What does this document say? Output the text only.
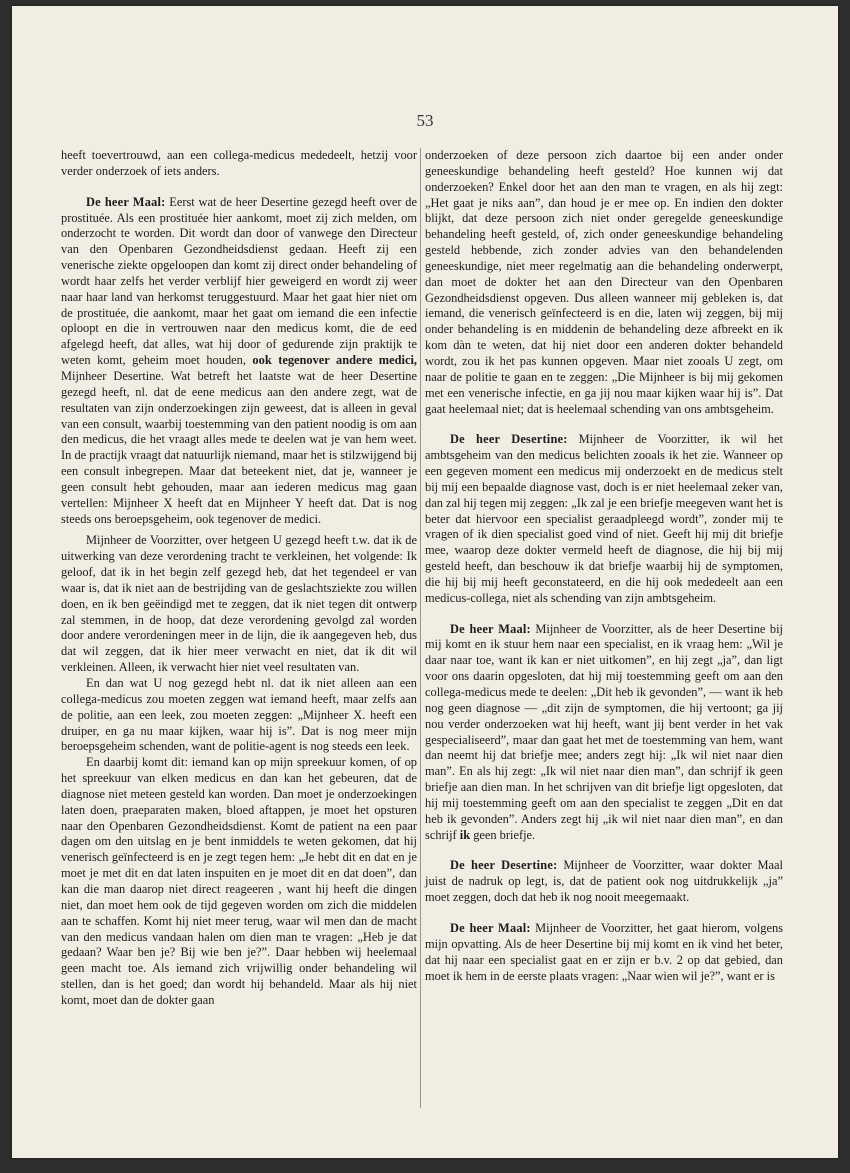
53

heeft toevertrouwd, aan een collega-medicus mededeelt, hetzij voor verder onderzoek of iets anders.

De heer Maal: Eerst wat de heer Desertine gezegd heeft over de prostituée. Als een prostituée hier aankomt, moet zij zich melden, om onderzocht te worden. Dit wordt dan door of vanwege den Directeur van den Openbaren Gezondheidsdienst gedaan. Heeft zij een venerische ziekte opgeloopen dan komt zij direct onder behandeling of wordt haar zelfs het verder verblijf hier geweigerd en wordt zij weer naar haar land van herkomst teruggestuurd. Maar het gaat hier niet om de prostituée, die aankomt, maar het gaat om iemand die een infectie oploopt en die in vertrouwen naar den medicus komt, die de eed afgelegd heeft, dat alles, wat hij door of gedurende zijn praktijk te weten komt, geheim moet houden, ook tegenover andere medici, Mijnheer Desertine. Wat betreft het laatste wat de heer Desertine gezegd heeft, nl. dat de eene medicus aan den andere zegt, wat de resultaten van zijn onderzoekingen zijn geweest, dat is alleen in geval van een consult, waarbij toestemming van den patient noodig is om aan den medicus, die het vraagt alles mede te deelen wat je van hem weet. In de practijk vraagt dat natuurlijk niemand, maar het is stilzwijgend bij een consult inbegrepen. Maar dat beteekent niet, dat je, wanneer je geen consult hebt gehouden, maar aan iederen medicus mag gaan vertellen: Mijnheer X heeft dat en Mijnheer Y heeft dat. Dat is nog steeds ons beroepsgeheim, ook tegenover de medici.

Mijnheer de Voorzitter, over hetgeen U gezegd heeft t.w. dat ik de uitwerking van deze verordening tracht te verkleinen, het volgende: Ik geloof, dat ik in het begin zelf gezegd heb, dat het tegendeel er van waar is, dat ik niet aan de bestrijding van de geslachtsziekte zou willen doen, en ik ben geëindigd met te zeggen, dat ik niet tegen dit ontwerp zal stemmen, in de hoop, dat deze verordening gevolgd zal worden door andere verordeningen meer in de lijn, die ik aangegeven heb, dus dat wil zeggen, dat ik hier meer verwacht en niet, dat ik dit wil verkleinen. Alleen, ik verwacht hier niet veel resultaten van.

En dan wat U nog gezegd hebt nl. dat ik niet alleen aan een collega-medicus zou moeten zeggen wat iemand heeft, maar zelfs aan de politie, aan een leek, zou moeten zeggen: „Mijnheer X. heeft een druiper, en ga nu maar kijken, waar hij is”. Dat is nog meer mijn beroepsgeheim schenden, want de politie-agent is nog steeds een leek.

En daarbij komt dit: iemand kan op mijn spreekuur komen, of op het spreekuur van elken medicus en dan kan het gebeuren, dat de diagnose niet meteen gesteld kan worden. Dan moet je onderzoekingen laten doen, praeparaten maken, bloed aftappen, je moet het opsturen naar den Openbaren Gezondheidsdienst. Komt de patient na een paar dagen om den uitslag en je bent inmiddels te weten gekomen, dat hij venerisch geïnfecteerd is en je zegt tegen hem: „Je hebt dit en dat en je moet je met dit en dat laten inspuiten en je moet dit en dat doen”, dan kan die man daarop niet direct reageeren , want hij heeft die dingen niet, dan moet hem ook de tijd gegeven worden om zich die middelen aan te schaffen. Komt hij niet meer terug, waar wil men dan de macht van den medicus vandaan halen om dien man te vragen: „Heb je dat gedaan? Waar ben je? Bij wie ben je?”. Daar hebben wij heelemaal geen macht toe. Als iemand zich vrijwillig onder behandeling wil stellen, dan is het goed; dan wordt hij behandeld. Maar als hij niet komt, moet dan de dokter gaan

onderzoeken of deze persoon zich daartoe bij een ander onder geneeskundige behandeling heeft gesteld? Hoe kunnen wij dat onderzoeken? Enkel door het aan den man te vragen, en als hij zegt: „Het gaat je niks aan”, dan houd je er mee op. En indien den dokter blijkt, dat deze persoon zich niet onder geregelde geneeskundige behandeling heeft gesteld, of, zich onder geneeskundige behandeling gesteld hebbende, zich zonder advies van den behandelenden geneeskundige, niet meer regelmatig aan die behandeling onderwerpt, dan moet de dokter het aan den Directeur van den Openbaren Gezondheidsdienst opgeven. Dus alleen wanneer mij gebleken is, dat iemand, die venerisch geïnfecteerd is en die, laten wij zeggen, bij mij onder behandeling is en middenin de behandeling deze afbreekt en ik kom dàn te weten, dat hij niet door een anderen dokter behandeld wordt, zou ik het pas kunnen opgeven. Maar niet zooals U zegt, om naar de politie te gaan en te zeggen: „Die Mijnheer is bij mij gekomen met een venerische infectie, en ga jij nou maar kijken waar hij is”. Dat gaat heelemaal niet; dat is heelemaal schending van ons ambtsgeheim.

De heer Desertine: Mijnheer de Voorzitter, ik wil het ambtsgeheim van den medicus belichten zooals ik het zie. Wanneer op een gegeven moment een medicus mij onderzoekt en de medicus stelt bij mij een bepaalde diagnose vast, doch is er niet heelemaal zeker van, dan zal hij tegen mij zeggen: „Ik zal je een briefje meegeven want het is beter dat hiervoor een specialist geraadpleegd wordt”, zonder mij te vragen of ik dien specialist goed vind of niet. Geeft hij mij dit briefje mee, waarop deze dokter vermeld heeft de diagnose, die hij bij mij gesteld heeft, dan beschouw ik dat briefje waarbij hij de symptomen, die hij bij mij heeft geconstateerd, en die hij ook mededeelt aan een medicus-collega, niet als schending van zijn ambtsgeheim.

De heer Maal: Mijnheer de Voorzitter, als de heer Desertine bij mij komt en ik stuur hem naar een specialist, en ik vraag hem: „Wil je daar naar toe, want ik kan er niet uitkomen”, en hij zegt „ja”, dan ligt voor ons daarin opgesloten, dat hij mij toestemming geeft om aan den collega-medicus mede te deelen: „Dit heb ik gevonden”, — want ik heb nog geen diagnose — „dit zijn de symptomen, die hij vertoont; ga jij nou verder onderzoeken wat hij heeft, want jij bent verder in het vak gespecialiseerd”, maar dan gaat het met de toestemming van hem, want dan neemt hij dat briefje mee; anders zegt hij: „Ik wil niet naar dien man”. En als hij zegt: „Ik wil niet naar dien man”, dan schrijf ik geen briefje aan dien man. In het schrijven van dit briefje ligt opgesloten, dat hij mij toestemming geeft om aan den specialist te zeggen „Dit en dat heb ik gevonden”. Anders zegt hij „ik wil niet naar dien man”, en dan schrijf ik geen briefje.

De heer Desertine: Mijnheer de Voorzitter, waar dokter Maal juist de nadruk op legt, is, dat de patient ook nog uitdrukkelijk „ja” moet zeggen, doch dat heb ik nog nooit meegemaakt.

De heer Maal: Mijnheer de Voorzitter, het gaat hierom, volgens mijn opvatting. Als de heer Desertine bij mij komt en ik vind het beter, dat hij naar een specialist gaat en er zijn er b.v. 2 op dat gebied, dan moet ik hem in de eerste plaats vragen: „Naar wien wil je?”, want er is
